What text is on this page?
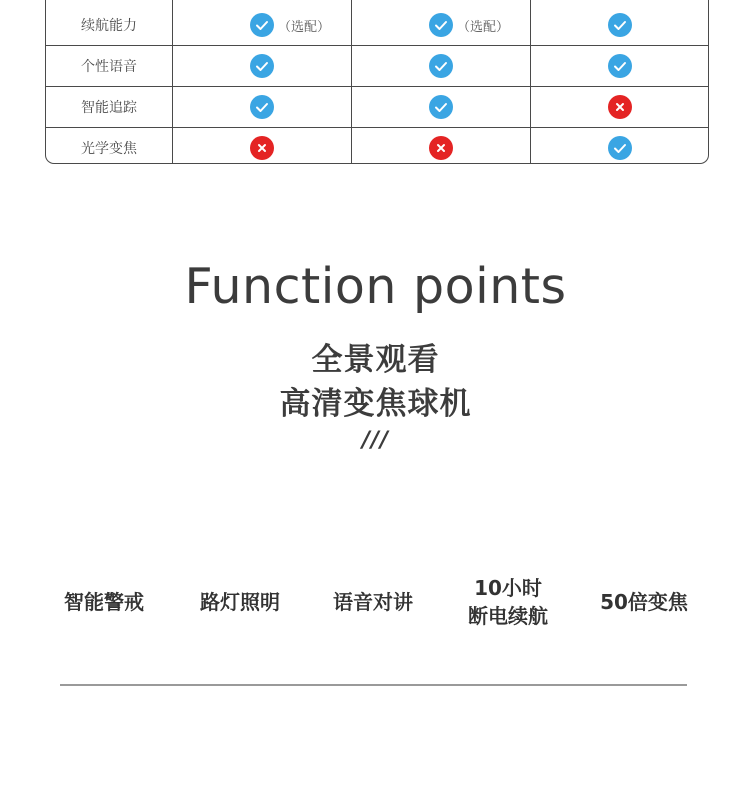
续航能力	（选配）	（选配）
个性语音
智能追踪
光学变焦
Function points
全景观看
高清变焦球机
///
智能警戒	路灯照明	语音对讲
10小时
断电续航
50倍变焦
